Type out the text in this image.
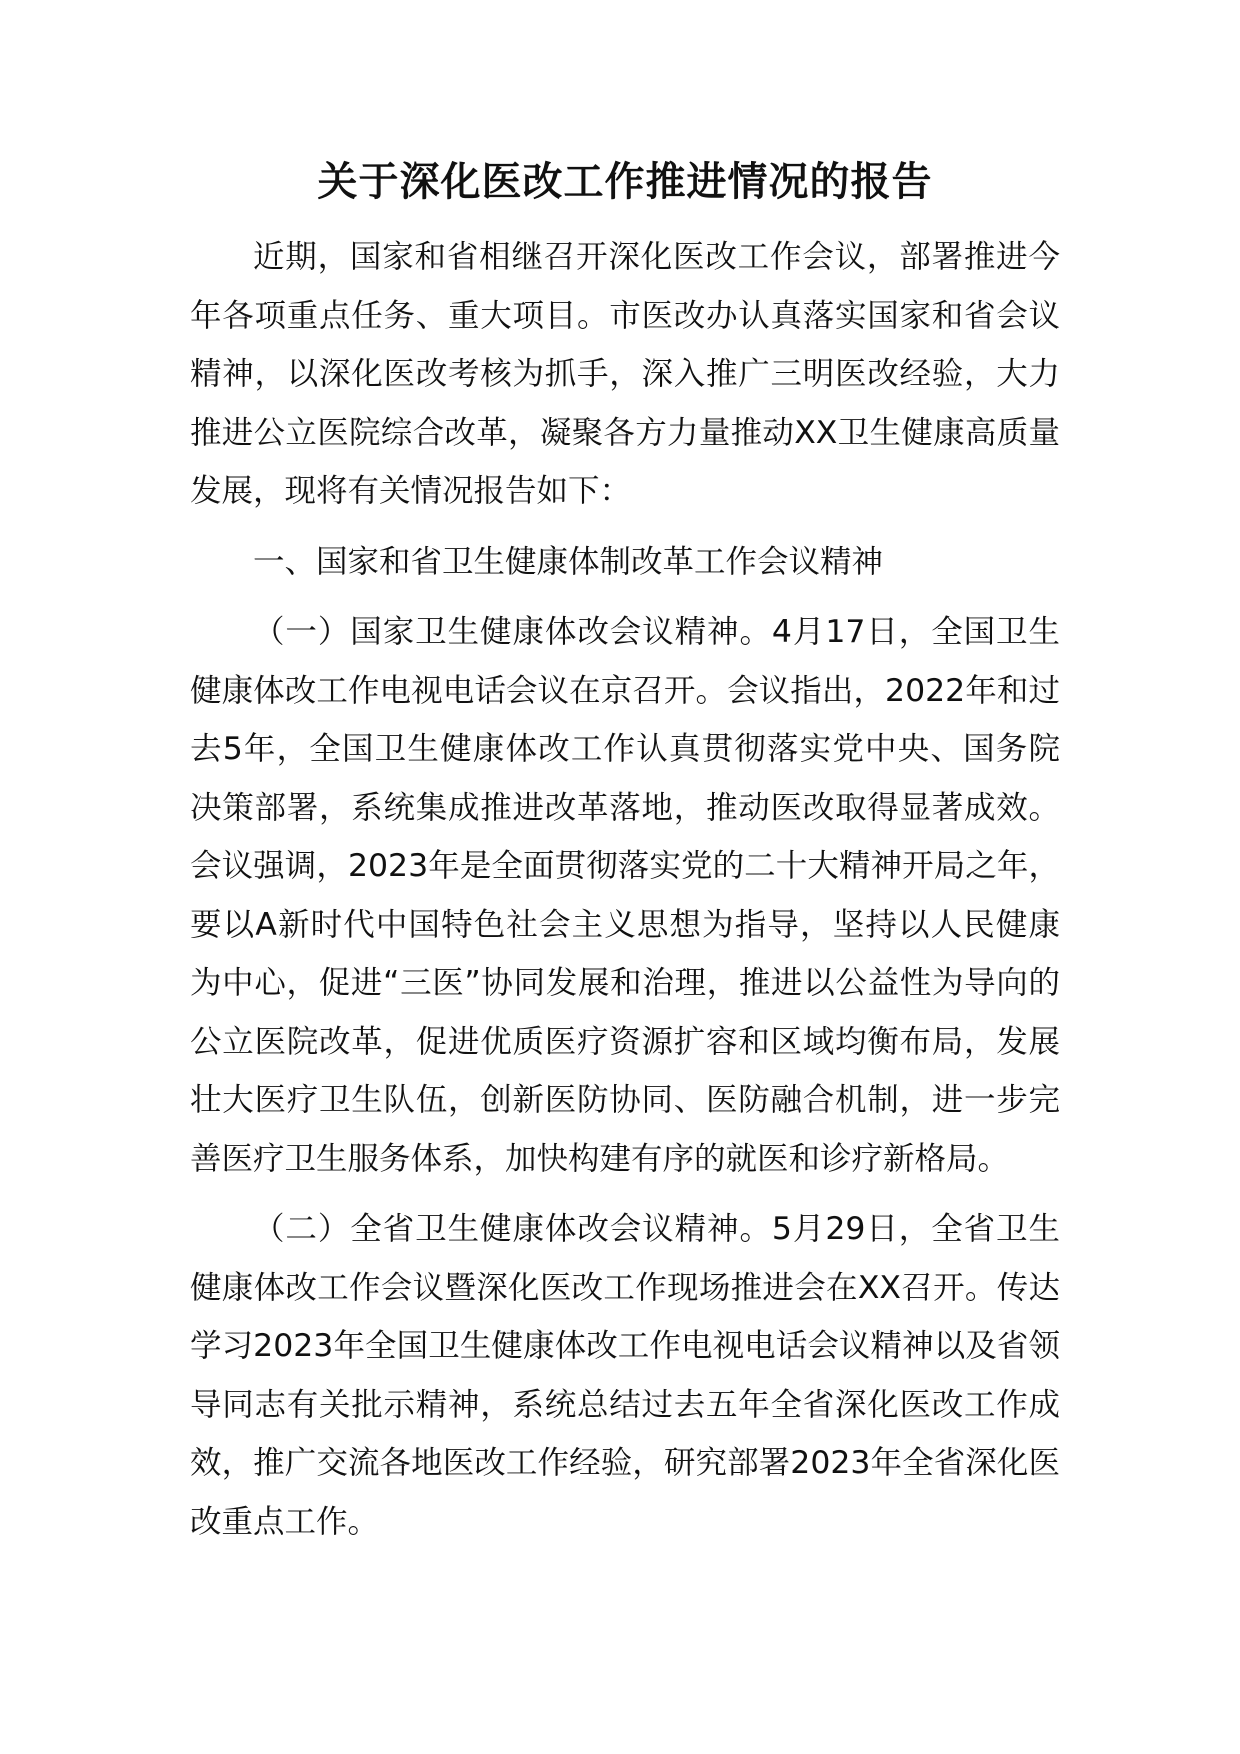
关于深化医改工作推进情况的报告

近期，国家和省相继召开深化医改工作会议，部署推进今年各项重点任务、重大项目。市医改办认真落实国家和省会议精神，以深化医改考核为抓手，深入推广三明医改经验，大力推进公立医院综合改革，凝聚各方力量推动XX卫生健康高质量发展，现将有关情况报告如下：

一、国家和省卫生健康体制改革工作会议精神

（一）国家卫生健康体改会议精神。4月17日，全国卫生健康体改工作电视电话会议在京召开。会议指出，2022年和过去5年，全国卫生健康体改工作认真贯彻落实党中央、国务院决策部署，系统集成推进改革落地，推动医改取得显著成效。会议强调，2023年是全面贯彻落实党的二十大精神开局之年，要以A新时代中国特色社会主义思想为指导，坚持以人民健康为中心，促进“三医”协同发展和治理，推进以公益性为导向的公立医院改革，促进优质医疗资源扩容和区域均衡布局，发展壮大医疗卫生队伍，创新医防协同、医防融合机制，进一步完善医疗卫生服务体系，加快构建有序的就医和诊疗新格局。

（二）全省卫生健康体改会议精神。5月29日，全省卫生健康体改工作会议暨深化医改工作现场推进会在XX召开。传达学习2023年全国卫生健康体改工作电视电话会议精神以及省领导同志有关批示精神，系统总结过去五年全省深化医改工作成效，推广交流各地医改工作经验，研究部署2023年全省深化医改重点工作。
